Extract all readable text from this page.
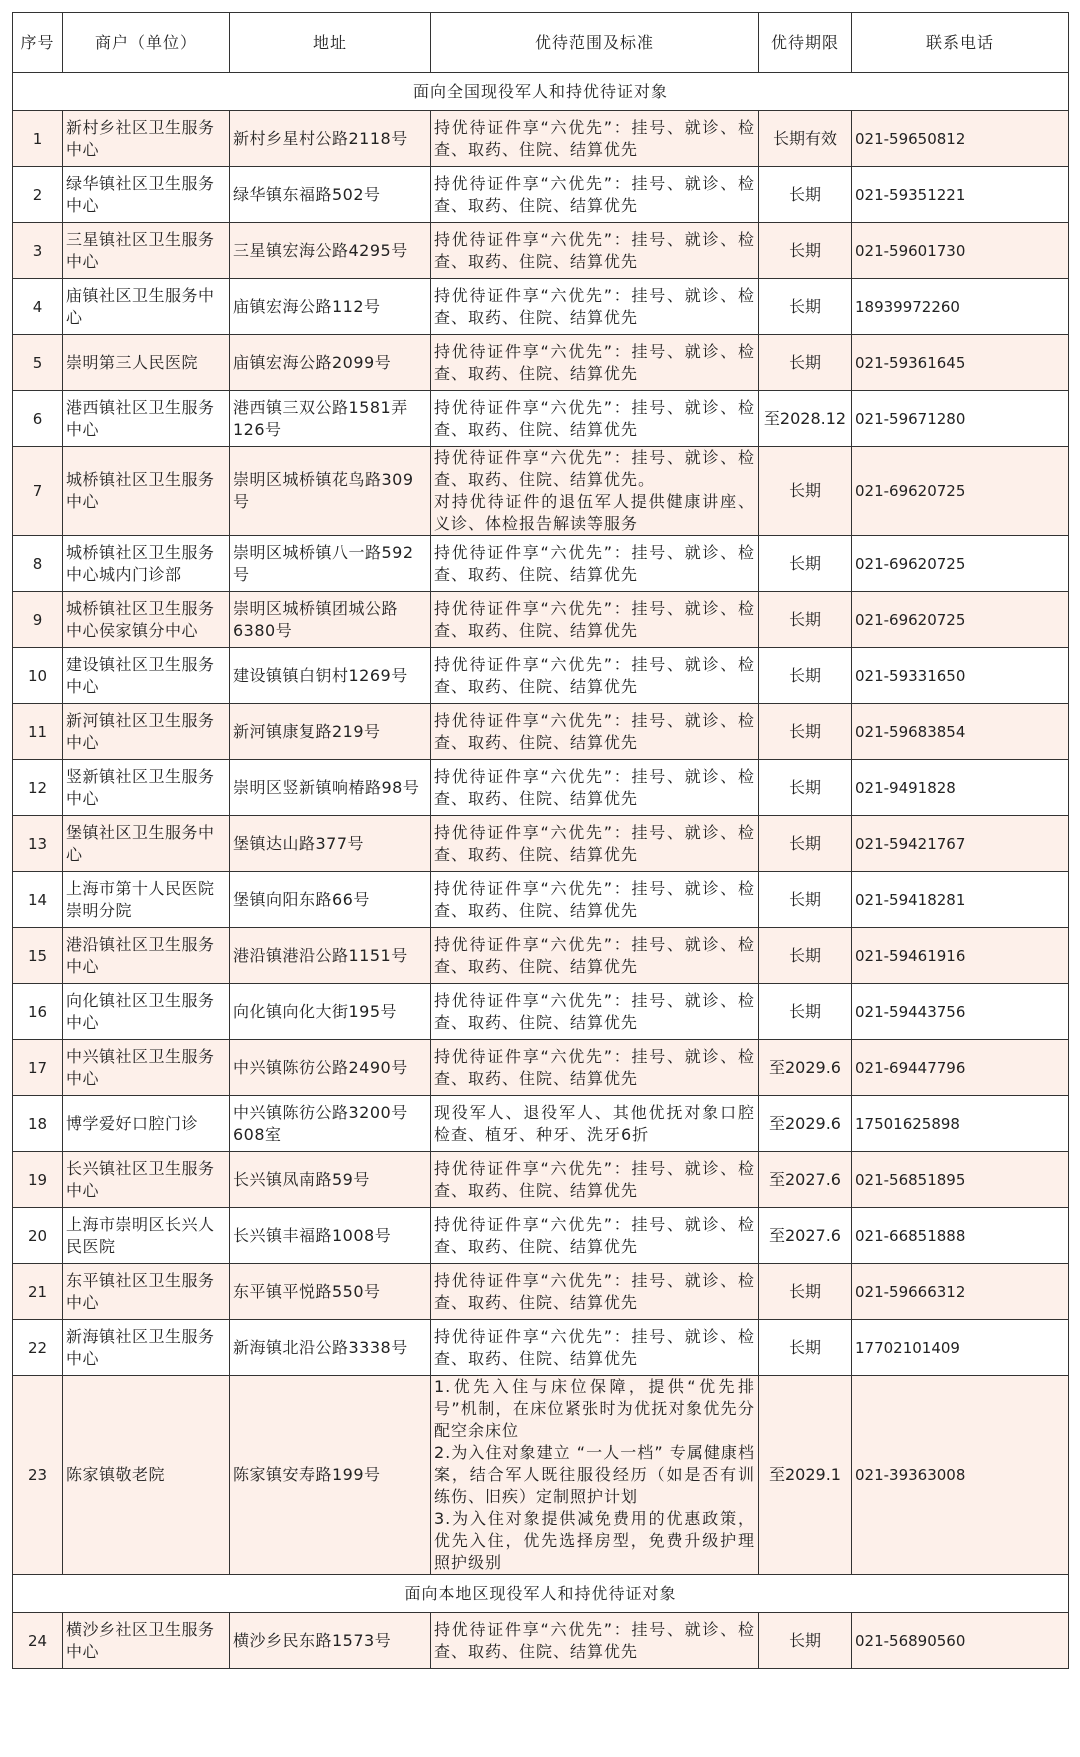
序号	商户（单位）	地址	优待范围及标准	优待期限	联系电话
面向全国现役军人和持优待证对象					
1	新村乡社区卫生服务中心	新村乡星村公路2118号	持优待证件享“六优先”：挂号、就诊、检查、取药、住院、结算优先	长期有效	021-59650812
2	绿华镇社区卫生服务中心	绿华镇东福路502号	持优待证件享“六优先”：挂号、就诊、检查、取药、住院、结算优先	长期	021-59351221
3	三星镇社区卫生服务中心	三星镇宏海公路4295号	持优待证件享“六优先”：挂号、就诊、检查、取药、住院、结算优先	长期	021-59601730
4	庙镇社区卫生服务中心	庙镇宏海公路112号	持优待证件享“六优先”：挂号、就诊、检查、取药、住院、结算优先	长期	18939972260
5	崇明第三人民医院	庙镇宏海公路2099号	持优待证件享“六优先”：挂号、就诊、检查、取药、住院、结算优先	长期	021-59361645
6	港西镇社区卫生服务中心	港西镇三双公路1581弄126号	持优待证件享“六优先”：挂号、就诊、检查、取药、住院、结算优先	至2028.12	021-59671280
7	城桥镇社区卫生服务中心	崇明区城桥镇花鸟路309号	持优待证件享“六优先”：挂号、就诊、检查、取药、住院、结算优先。
对持优待证件的退伍军人提供健康讲座、义诊、体检报告解读等服务	长期	021-69620725
8	城桥镇社区卫生服务中心城内门诊部	崇明区城桥镇八一路592号	持优待证件享“六优先”：挂号、就诊、检查、取药、住院、结算优先	长期	021-69620725
9	城桥镇社区卫生服务中心侯家镇分中心	崇明区城桥镇团城公路6380号	持优待证件享“六优先”：挂号、就诊、检查、取药、住院、结算优先	长期	021-69620725
10	建设镇社区卫生服务中心	建设镇镇白钥村1269号	持优待证件享“六优先”：挂号、就诊、检查、取药、住院、结算优先	长期	021-59331650
11	新河镇社区卫生服务中心	新河镇康复路219号	持优待证件享“六优先”：挂号、就诊、检查、取药、住院、结算优先	长期	021-59683854
12	竖新镇社区卫生服务中心	崇明区竖新镇响椿路98号	持优待证件享“六优先”：挂号、就诊、检查、取药、住院、结算优先	长期	021-9491828
13	堡镇社区卫生服务中心	堡镇达山路377号	持优待证件享“六优先”：挂号、就诊、检查、取药、住院、结算优先	长期	021-59421767
14	上海市第十人民医院崇明分院	堡镇向阳东路66号	持优待证件享“六优先”：挂号、就诊、检查、取药、住院、结算优先	长期	021-59418281
15	港沿镇社区卫生服务中心	港沿镇港沿公路1151号	持优待证件享“六优先”：挂号、就诊、检查、取药、住院、结算优先	长期	021-59461916
16	向化镇社区卫生服务中心	向化镇向化大街195号	持优待证件享“六优先”：挂号、就诊、检查、取药、住院、结算优先	长期	021-59443756
17	中兴镇社区卫生服务中心	中兴镇陈彷公路2490号	持优待证件享“六优先”：挂号、就诊、检查、取药、住院、结算优先	至2029.6	021-69447796
18	博学爱好口腔门诊	中兴镇陈彷公路3200号608室	现役军人、退役军人、其他优抚对象口腔检查、植牙、种牙、洗牙6折	至2029.6	17501625898
19	长兴镇社区卫生服务中心	长兴镇凤南路59号	持优待证件享“六优先”：挂号、就诊、检查、取药、住院、结算优先	至2027.6	021-56851895
20	上海市崇明区长兴人民医院	长兴镇丰福路1008号	持优待证件享“六优先”：挂号、就诊、检查、取药、住院、结算优先	至2027.6	021-66851888
21	东平镇社区卫生服务中心	东平镇平悦路550号	持优待证件享“六优先”：挂号、就诊、检查、取药、住院、结算优先	长期	021-59666312
22	新海镇社区卫生服务中心	新海镇北沿公路3338号	持优待证件享“六优先”：挂号、就诊、检查、取药、住院、结算优先	长期	17702101409
23	陈家镇敬老院	陈家镇安寿路199号	1.优先入住与床位保障，提供“优先排号”机制，在床位紧张时为优抚对象优先分配空余床位
2.为入住对象建立 “一人一档” 专属健康档案，结合军人既往服役经历（如是否有训练伤、旧疾）定制照护计划
3.为入住对象提供减免费用的优惠政策，优先入住，优先选择房型，免费升级护理照护级别	至2029.1	021-39363008
面向本地区现役军人和持优待证对象					
24	横沙乡社区卫生服务中心	横沙乡民东路1573号	持优待证件享“六优先”：挂号、就诊、检查、取药、住院、结算优先	长期	021-56890560
